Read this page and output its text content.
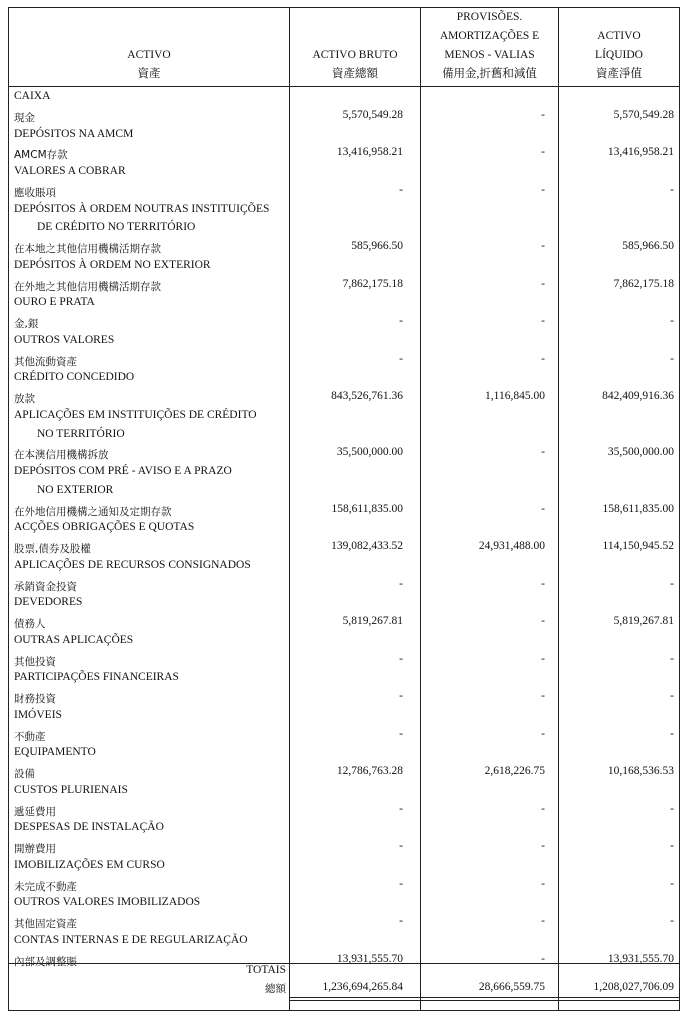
ACTIVO
資產
ACTIVO BRUTO
資產總額
PROVISÕES.
AMORTIZAÇÕES E
MENOS - VALIAS
備用金,折舊和減值
ACTIVO
LÍQUIDO
資產淨值
CAIXA
現金	5,570,549.28	-	5,570,549.28
DEPÓSITOS NA AMCM
AMCM存款	13,416,958.21	-	13,416,958.21
VALORES A COBRAR
應收賬項	-	-	-
DEPÓSITOS À ORDEM NOUTRAS INSTITUIÇÕES
DE CRÉDITO NO TERRITÓRIO
在本地之其他信用機構活期存款	585,966.50	-	585,966.50
DEPÓSITOS À ORDEM NO EXTERIOR
在外地之其他信用機構活期存款	7,862,175.18	-	7,862,175.18
OURO E PRATA
金,銀	-	-	-
OUTROS VALORES
其他流動資產	-	-	-
CRÉDITO CONCEDIDO
放款	843,526,761.36	1,116,845.00	842,409,916.36
APLICAÇÕES EM INSTITUIÇÕES DE CRÉDITO
NO TERRITÓRIO
在本澳信用機構拆放	35,500,000.00	-	35,500,000.00
DEPÓSITOS COM PRÉ - AVISO E A PRAZO
NO EXTERIOR
在外地信用機構之通知及定期存款	158,611,835.00	-	158,611,835.00
ACÇÕES OBRIGAÇÕES E QUOTAS
股票,債券及股權	139,082,433.52	24,931,488.00	114,150,945.52
APLICAÇÕES DE RECURSOS CONSIGNADOS
承銷資金投資	-	-	-
DEVEDORES
債務人	5,819,267.81	-	5,819,267.81
OUTRAS APLICAÇÕES
其他投資	-	-	-
PARTICIPAÇÕES FINANCEIRAS
財務投資	-	-	-
IMÓVEIS
不動產	-	-	-
EQUIPAMENTO
設備	12,786,763.28	2,618,226.75	10,168,536.53
CUSTOS PLURIENAIS
遞延費用	-	-	-
DESPESAS DE INSTALAÇÃO
開辦費用	-	-	-
IMOBILIZAÇÕES EM CURSO
未完成不動產	-	-	-
OUTROS VALORES IMOBILIZADOS
其他固定資產	-	-	-
CONTAS INTERNAS E DE REGULARIZAÇÃO
內部及調整賬	13,931,555.70	-	13,931,555.70
TOTAIS
總額	1,236,694,265.84	28,666,559.75	1,208,027,706.09
